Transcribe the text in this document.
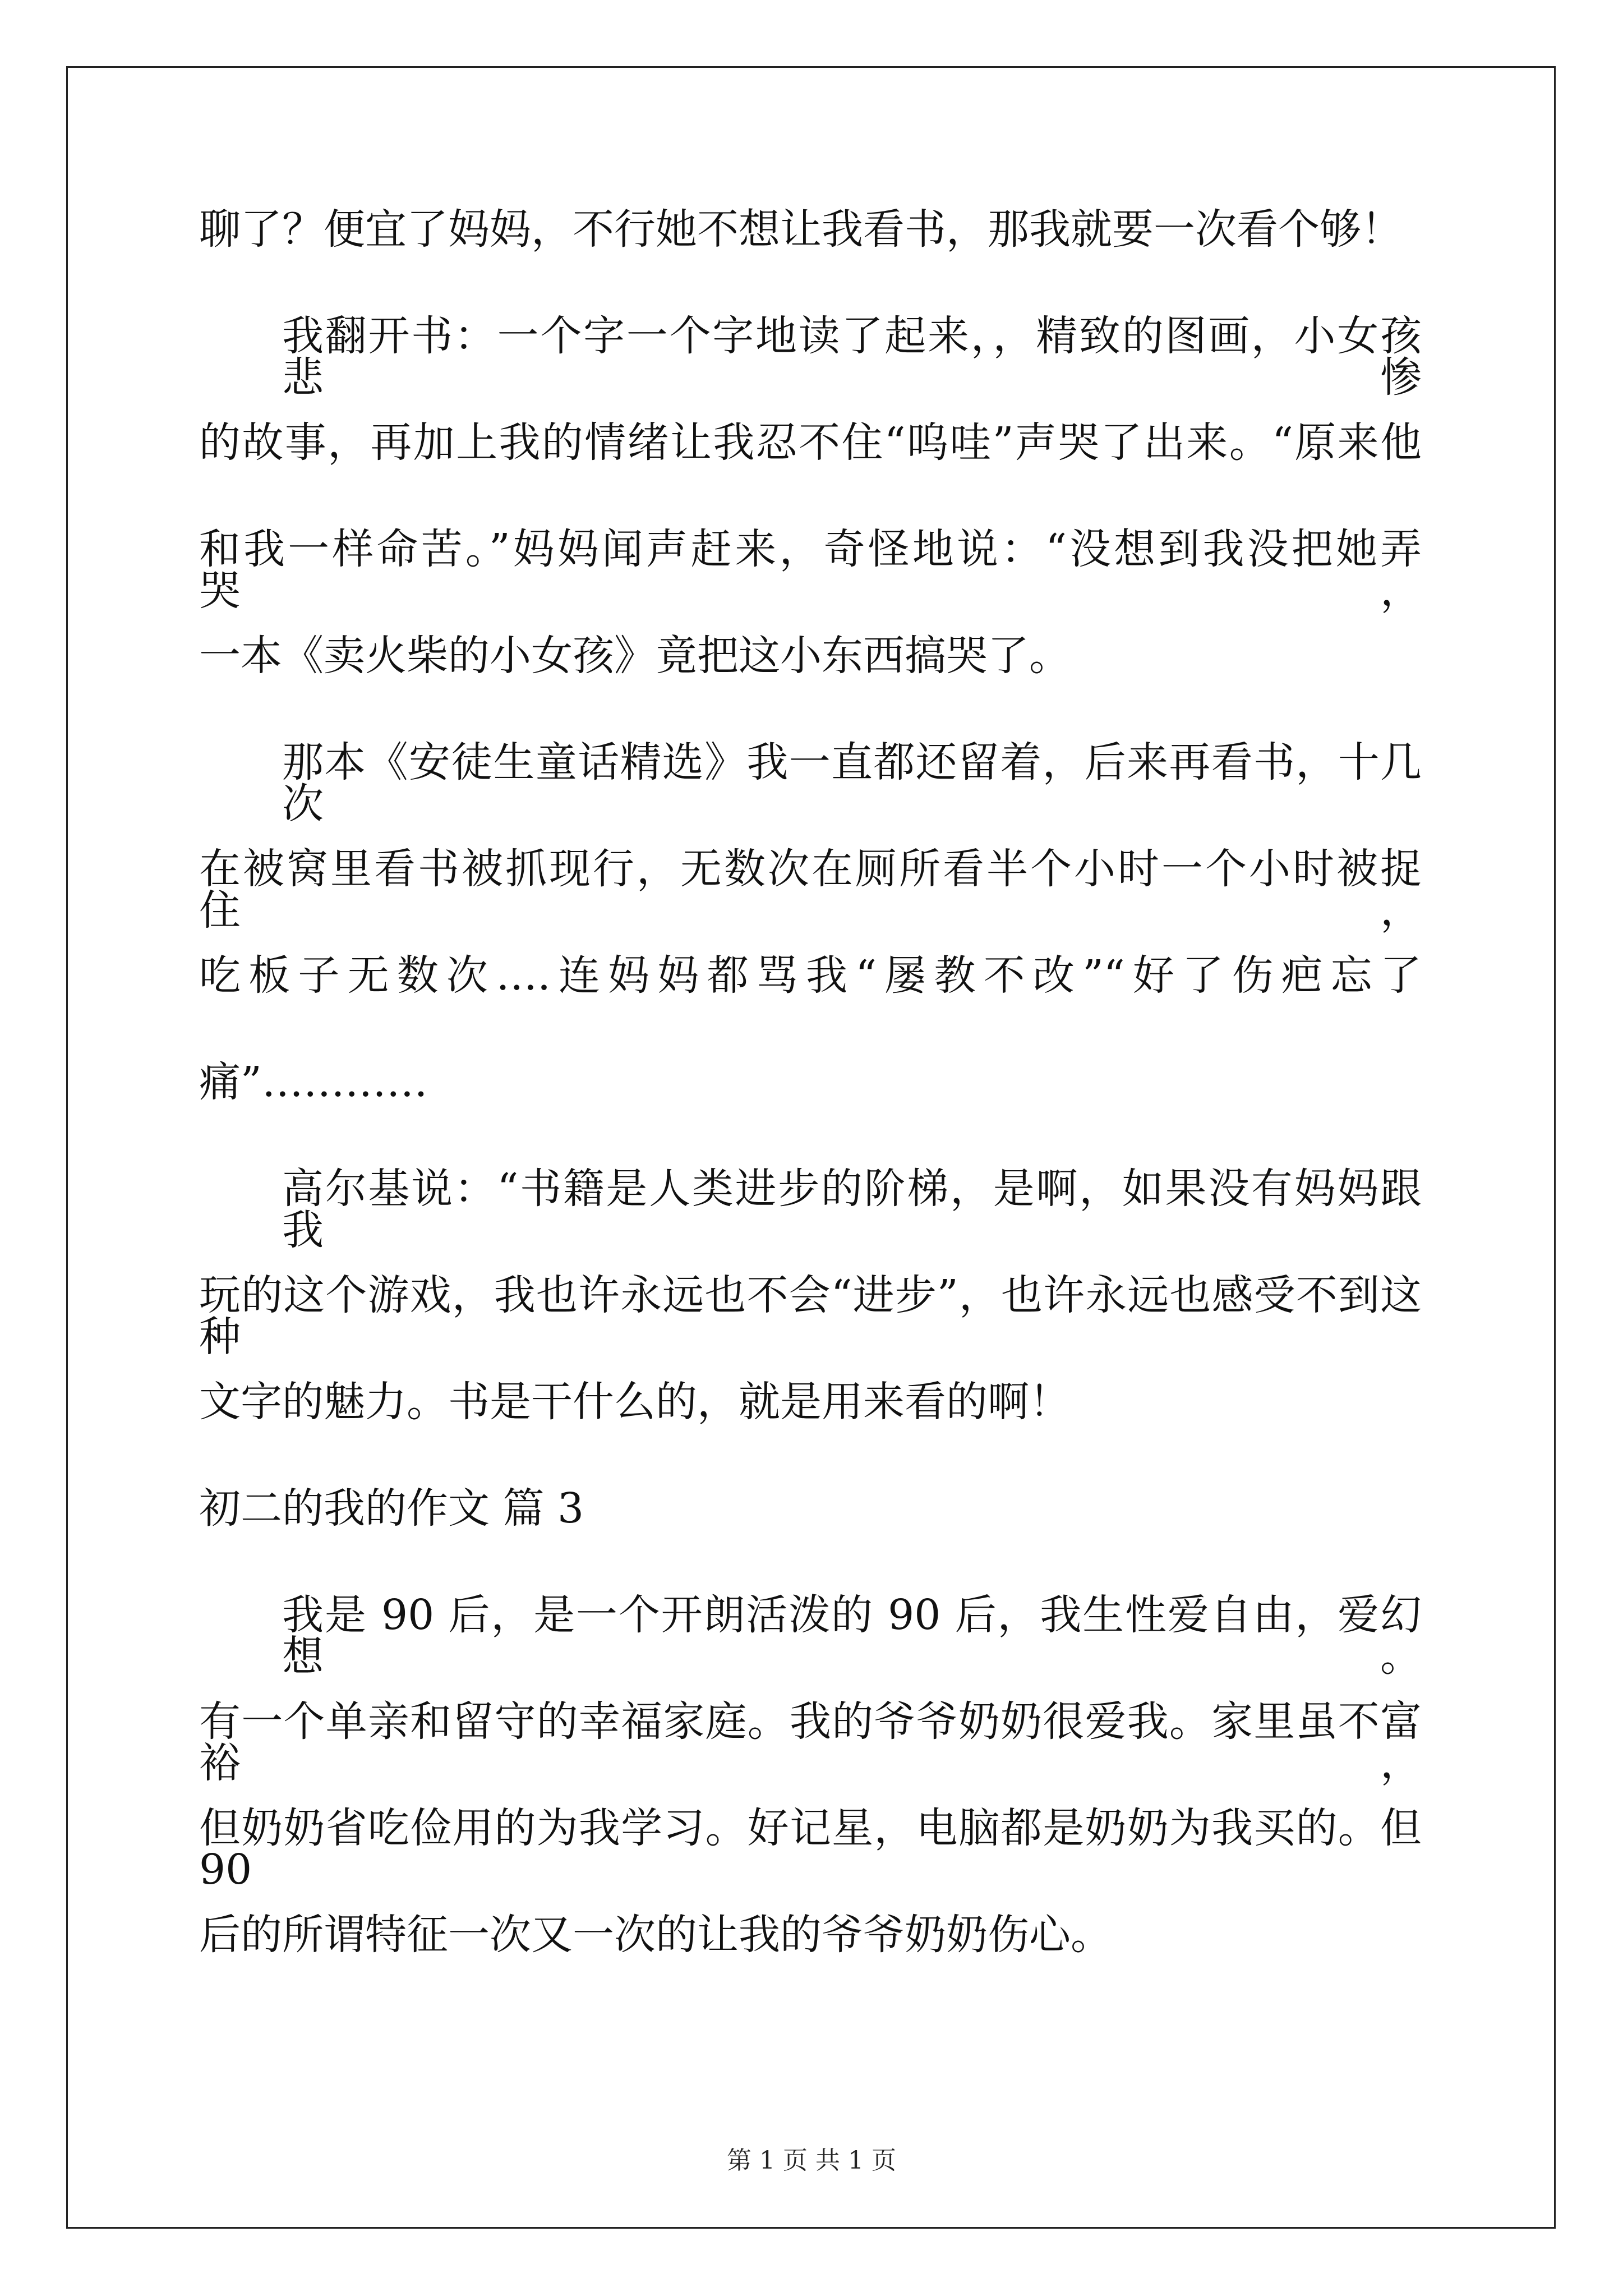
聊了？便宜了妈妈，不行她不想让我看书，那我就要一次看个够！
我翻开书：一个字一个字地读了起来，，精致的图画，小女孩悲惨
的故事，再加上我的情绪让我忍不住“呜哇”声哭了出来。“原来他
和我一样命苦。”妈妈闻声赶来，奇怪地说：“没想到我没把她弄哭，
一本《卖火柴的小女孩》竟把这小东西搞哭了。
那本《安徒生童话精选》我一直都还留着，后来再看书，十几次
在被窝里看书被抓现行，无数次在厕所看半个小时一个小时被捉住，
吃板子无数次….连妈妈都骂我“屡教不改”“好了伤疤忘了
痛”…………
高尔基说：“书籍是人类进步的阶梯，是啊，如果没有妈妈跟我
玩的这个游戏，我也许永远也不会“进步”，也许永远也感受不到这种
文字的魅力。书是干什么的，就是用来看的啊！
初二的我的作文 篇 3
我是 90 后，是一个开朗活泼的 90 后，我生性爱自由，爱幻想。
有一个单亲和留守的幸福家庭。我的爷爷奶奶很爱我。家里虽不富裕，
但奶奶省吃俭用的为我学习。好记星，电脑都是奶奶为我买的。但 90
后的所谓特征一次又一次的让我的爷爷奶奶伤心。
第 1 页 共 1 页
